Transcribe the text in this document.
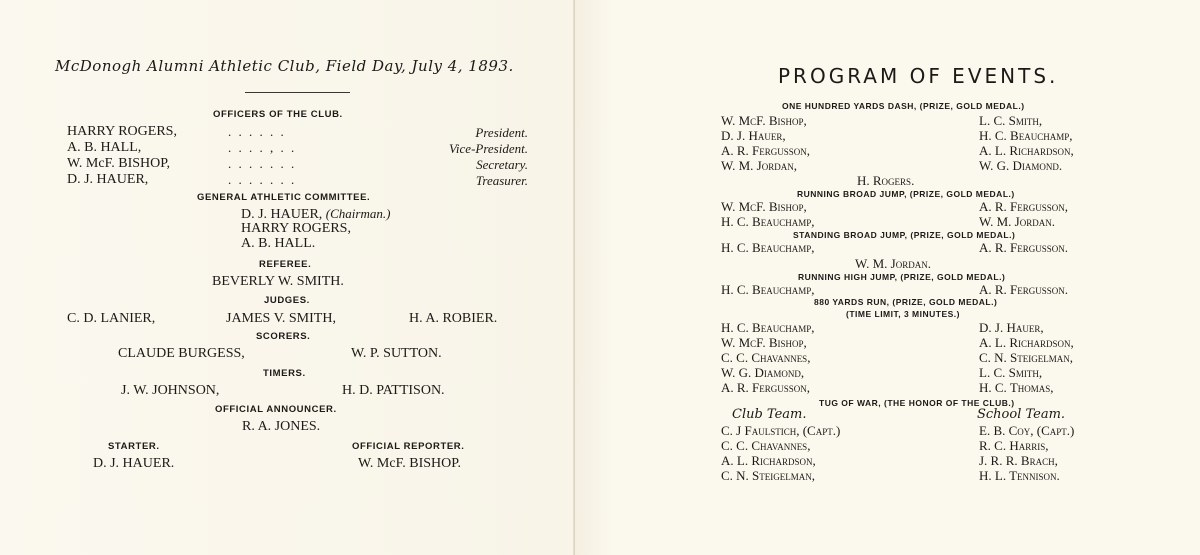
McDonogh Alumni Athletic Club, Field Day, July 4, 1893.
OFFICERS OF THE CLUB.
HARRY ROGERS,	. . . . . .	President.
A. B. HALL,	. . . . , . .	Vice-President.
W. McF. BISHOP,	. . . . . . .	Secretary.
D. J. HAUER,	. . . . . . .	Treasurer.
GENERAL ATHLETIC COMMITTEE.
D. J. HAUER, (Chairman.)
HARRY ROGERS,
A. B. HALL.
REFEREE.
BEVERLY W. SMITH.
JUDGES.
C. D. LANIER,	JAMES V. SMITH,	H. A. ROBIER.
SCORERS.
CLAUDE BURGESS,	W. P. SUTTON.
TIMERS.
J. W. JOHNSON,	H. D. PATTISON.
OFFICIAL ANNOUNCER.
R. A. JONES.
STARTER.	OFFICIAL REPORTER.
D. J. HAUER.	W. McF. BISHOP.
PROGRAM OF EVENTS.
ONE HUNDRED YARDS DASH, (PRIZE, GOLD MEDAL.)
W. McF. Bishop,	L. C. Smith,
D. J. Hauer,	H. C. Beauchamp,
A. R. Fergusson,	A. L. Richardson,
W. M. Jordan,	W. G. Diamond.
H. Rogers.
RUNNING BROAD JUMP, (PRIZE, GOLD MEDAL.)
W. McF. Bishop,	A. R. Fergusson,
H. C. Beauchamp,	W. M. Jordan.
STANDING BROAD JUMP, (PRIZE, GOLD MEDAL.)
H. C. Beauchamp,	A. R. Fergusson.
W. M. Jordan.
RUNNING HIGH JUMP, (PRIZE, GOLD MEDAL.)
H. C. Beauchamp,	A. R. Fergusson.
880 YARDS RUN, (PRIZE, GOLD MEDAL.)
(TIME LIMIT, 3 MINUTES.)
H. C. Beauchamp,	D. J. Hauer,
W. McF. Bishop,	A. L. Richardson,
C. C. Chavannes,	C. N. Steigelman,
W. G. Diamond,	L. C. Smith,
A. R. Fergusson,	H. C. Thomas,
TUG OF WAR, (THE HONOR OF THE CLUB.)
Club Team.	School Team.
C. J Faulstich, (Capt.)	E. B. Coy, (Capt.)
C. C. Chavannes,	R. C. Harris,
A. L. Richardson,	J. R. R. Brach,
C. N. Steigelman,	H. L. Tennison.
